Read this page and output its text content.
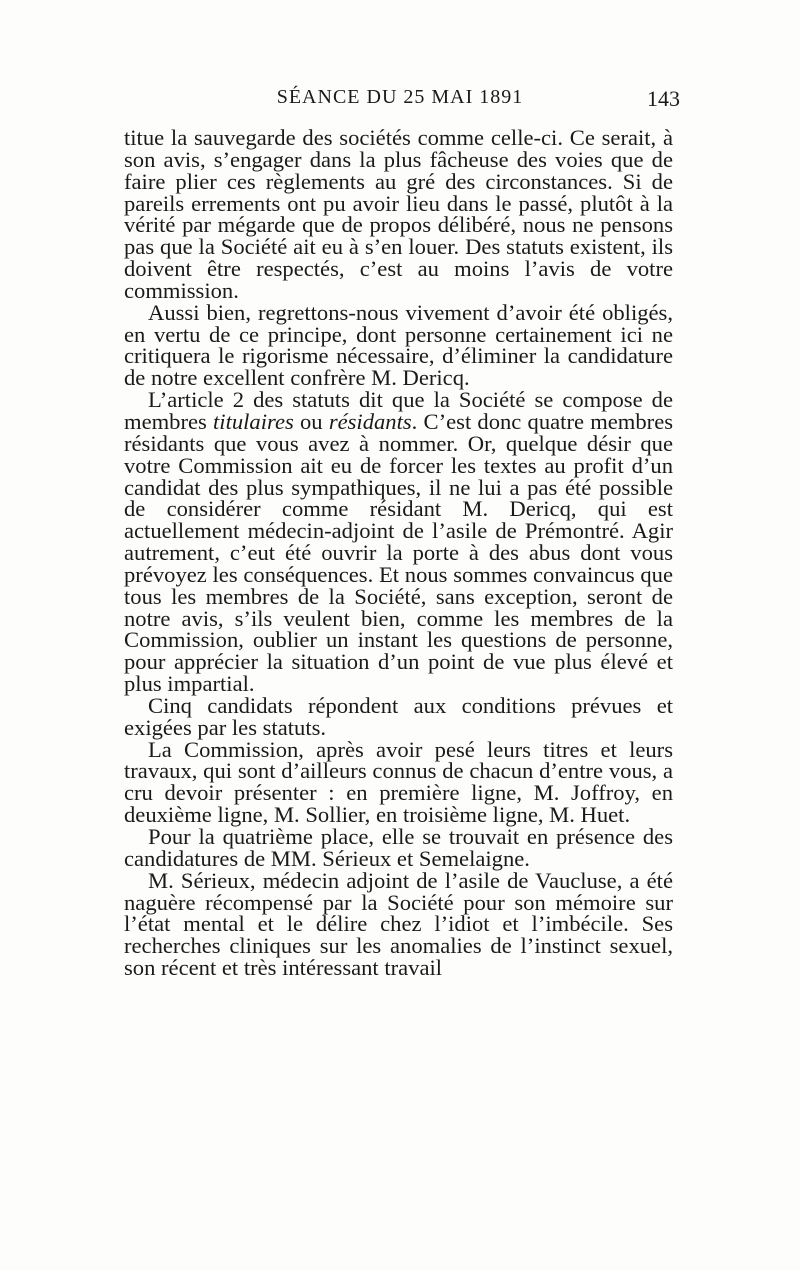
SÉANCE DU 25 MAI 1891	143

titue la sauvegarde des sociétés comme celle-ci. Ce serait, à son avis, s’engager dans la plus fâcheuse des voies que de faire plier ces règlements au gré des circonstances. Si de pareils errements ont pu avoir lieu dans le passé, plutôt à la vérité par mégarde que de propos délibéré, nous ne pensons pas que la Société ait eu à s’en louer. Des statuts existent, ils doivent être respectés, c’est au moins l’avis de votre commission.

Aussi bien, regrettons-nous vivement d’avoir été obligés, en vertu de ce principe, dont personne certainement ici ne critiquera le rigorisme nécessaire, d’éliminer la candidature de notre excellent confrère M. Dericq.

L’article 2 des statuts dit que la Société se compose de membres titulaires ou résidants. C’est donc quatre membres résidants que vous avez à nommer. Or, quelque désir que votre Commission ait eu de forcer les textes au profit d’un candidat des plus sympathiques, il ne lui a pas été possible de considérer comme résidant M. Dericq, qui est actuellement médecin-adjoint de l’asile de Prémontré. Agir autrement, c’eut été ouvrir la porte à des abus dont vous prévoyez les conséquences. Et nous sommes convaincus que tous les membres de la Société, sans exception, seront de notre avis, s’ils veulent bien, comme les membres de la Commission, oublier un instant les questions de personne, pour apprécier la situation d’un point de vue plus élevé et plus impartial.

Cinq candidats répondent aux conditions prévues et exigées par les statuts.

La Commission, après avoir pesé leurs titres et leurs travaux, qui sont d’ailleurs connus de chacun d’entre vous, a cru devoir présenter : en première ligne, M. Joffroy, en deuxième ligne, M. Sollier, en troisième ligne, M. Huet.

Pour la quatrième place, elle se trouvait en présence des candidatures de MM. Sérieux et Semelaigne.

M. Sérieux, médecin adjoint de l’asile de Vaucluse, a été naguère récompensé par la Société pour son mémoire sur l’état mental et le délire chez l’idiot et l’imbécile. Ses recherches cliniques sur les anomalies de l’instinct sexuel, son récent et très intéressant travail
